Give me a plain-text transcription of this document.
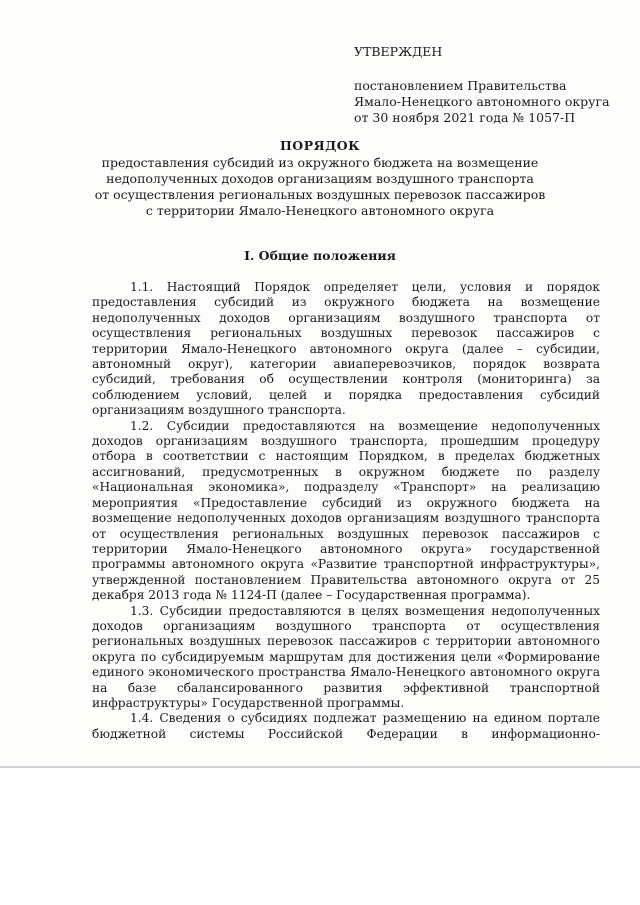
УТВЕРЖДЕН
постановлением Правительства
Ямало-Ненецкого автономного округа
от 30 ноября 2021 года № 1057-П
ПОРЯДОК
предоставления субсидий из окружного бюджета на возмещение
недополученных доходов организациям воздушного транспорта
от осуществления региональных воздушных перевозок пассажиров
с территории Ямало-Ненецкого автономного округа
I. Общие положения

1.1. Настоящий Порядок определяет цели, условия и порядок предоставления субсидий из окружного бюджета на возмещение недополученных доходов организациям воздушного транспорта от осуществления региональных воздушных перевозок пассажиров с территории Ямало-Ненецкого автономного округа (далее – субсидии, автономный округ), категории авиаперевозчиков, порядок возврата субсидий, требования об осуществлении контроля (мониторинга) за соблюдением условий, целей и порядка предоставления субсидий организациям воздушного транспорта.

1.2. Субсидии предоставляются на возмещение недополученных доходов организациям воздушного транспорта, прошедшим процедуру отбора в соответствии с настоящим Порядком, в пределах бюджетных ассигнований, предусмотренных в окружном бюджете по разделу «Национальная экономика», подразделу «Транспорт» на реализацию мероприятия «Предоставление субсидий из окружного бюджета на возмещение недополученных доходов организациям воздушного транспорта от осуществления региональных воздушных перевозок пассажиров с территории Ямало-Ненецкого автономного округа» государственной программы автономного округа «Развитие транспортной инфраструктуры», утвержденной постановлением Правительства автономного округа от 25 декабря 2013 года № 1124-П (далее – Государственная программа).

1.3. Субсидии предоставляются в целях возмещения недополученных доходов организациям воздушного транспорта от осуществления региональных воздушных перевозок пассажиров с территории автономного округа по субсидируемым маршрутам для достижения цели «Формирование единого экономического пространства Ямало-Ненецкого автономного округа на базе сбалансированного развития эффективной транспортной инфраструктуры» Государственной программы.

1.4. Сведения о субсидиях подлежат размещению на едином портале бюджетной системы Российской Федерации в информационно-
